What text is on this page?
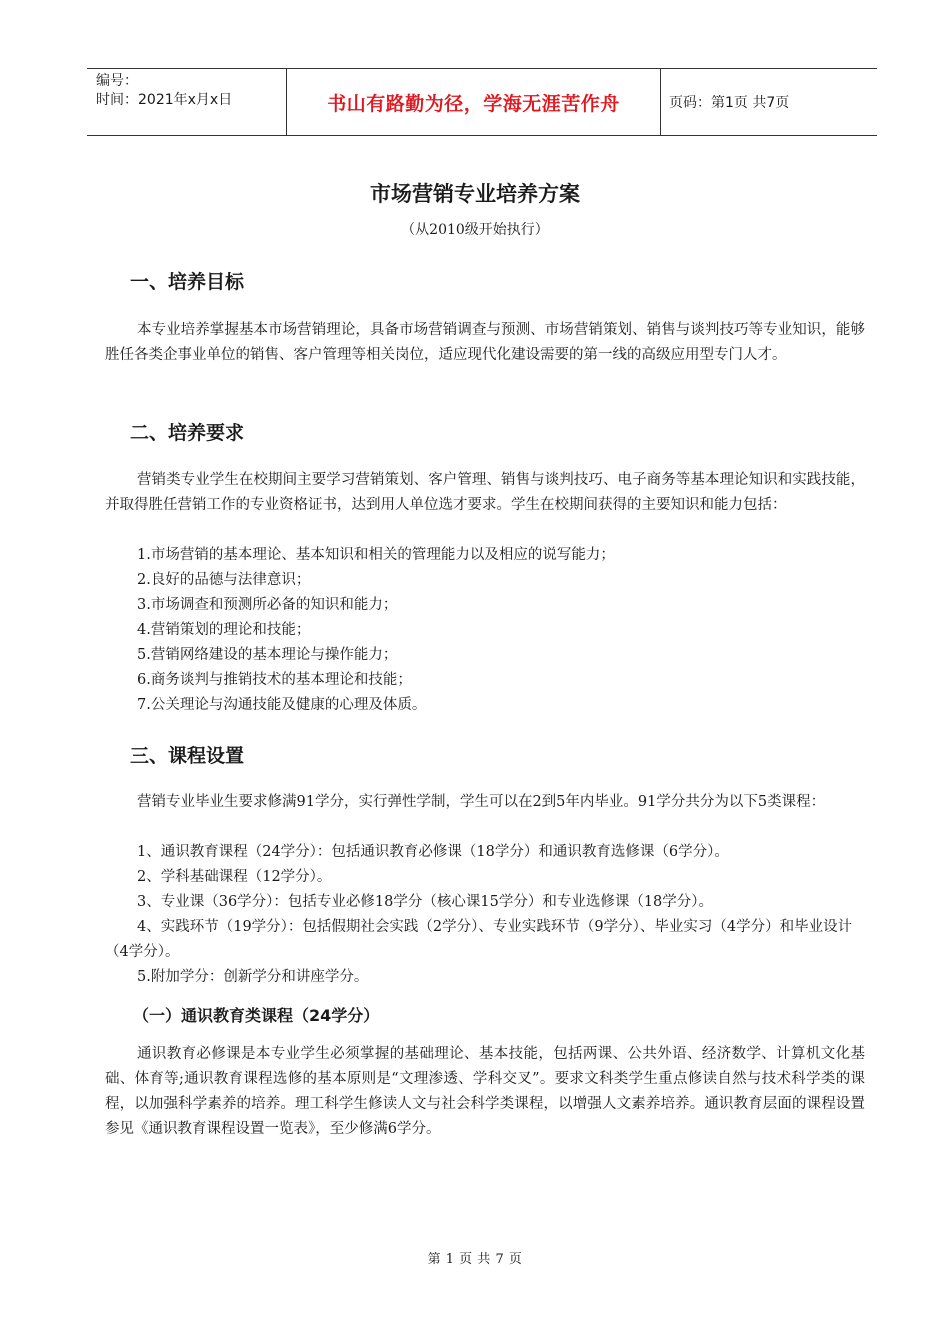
编号：
时间：2021年x月x日	书山有路勤为径，学海无涯苦作舟	页码：第1页 共7页
市场营销专业培养方案
（从2010级开始执行）
一、培养目标

本专业培养掌握基本市场营销理论，具备市场营销调查与预测、市场营销策划、销售与谈判技巧等专业知识，能够胜任各类企事业单位的销售、客户管理等相关岗位，适应现代化建设需要的第一线的高级应用型专门人才。

二、培养要求

营销类专业学生在校期间主要学习营销策划、客户管理、销售与谈判技巧、电子商务等基本理论知识和实践技能，并取得胜任营销工作的专业资格证书，达到用人单位选才要求。学生在校期间获得的主要知识和能力包括：

1.市场营销的基本理论、基本知识和相关的管理能力以及相应的说写能力；
2.良好的品德与法律意识；
3.市场调查和预测所必备的知识和能力；
4.营销策划的理论和技能；
5.营销网络建设的基本理论与操作能力；
6.商务谈判与推销技术的基本理论和技能；
7.公关理论与沟通技能及健康的心理及体质。
三、课程设置

营销专业毕业生要求修满91学分，实行弹性学制，学生可以在2到5年内毕业。91学分共分为以下5类课程：

1、通识教育课程（24学分）：包括通识教育必修课（18学分）和通识教育选修课（6学分）。
2、学科基础课程（12学分）。
3、专业课（36学分）：包括专业必修18学分（核心课15学分）和专业选修课（18学分）。

4、实践环节（19学分）：包括假期社会实践（2学分）、专业实践环节（9学分）、毕业实习（4学分）和毕业设计（4学分）。

5.附加学分：创新学分和讲座学分。
（一）通识教育类课程（24学分）

通识教育必修课是本专业学生必须掌握的基础理论、基本技能，包括两课、公共外语、经济数学、计算机文化基础、体育等;通识教育课程选修的基本原则是“文理渗透、学科交叉”。要求文科类学生重点修读自然与技术科学类的课程，以加强科学素养的培养。理工科学生修读人文与社会科学类课程，以增强人文素养培养。通识教育层面的课程设置参见《通识教育课程设置一览表》，至少修满6学分。

第 1 页 共 7 页
